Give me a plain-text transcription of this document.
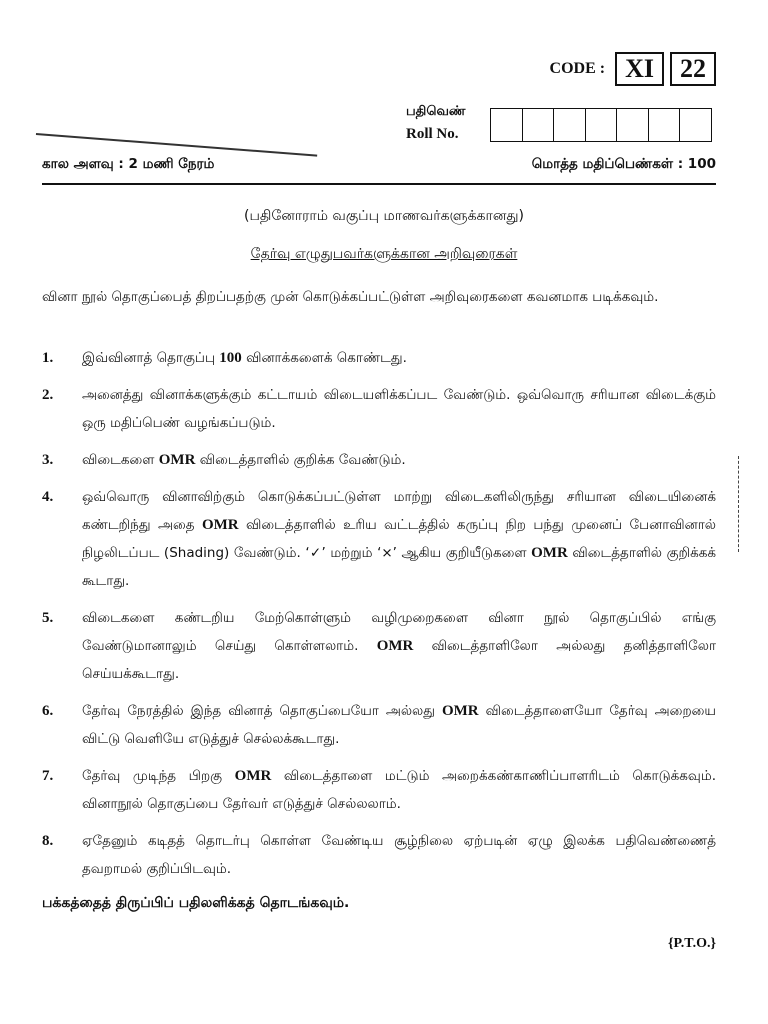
CODE : XI	22
பதிவெண்
Roll No.
கால அளவு : 2 மணி நேரம்	மொத்த மதிப்பெண்கள் : 100
(பதினோராம் வகுப்பு மாணவர்களுக்கானது)
தேர்வு எழுதுபவர்களுக்கான அறிவுரைகள்
வினா நூல் தொகுப்பைத் திறப்பதற்கு முன் கொடுக்கப்பட்டுள்ள அறிவுரைகளை கவனமாக படிக்கவும்.
1.	இவ்வினாத் தொகுப்பு 100 வினாக்களைக் கொண்டது.
2.	அனைத்து வினாக்களுக்கும் கட்டாயம் விடையளிக்கப்பட வேண்டும். ஒவ்வொரு சரியான விடைக்கும் ஒரு மதிப்பெண் வழங்கப்படும்.
3.	விடைகளை OMR விடைத்தாளில் குறிக்க வேண்டும்.
4.	ஒவ்வொரு வினாவிற்கும் கொடுக்கப்பட்டுள்ள மாற்று விடைகளிலிருந்து சரியான விடையினைக் கண்டறிந்து அதை OMR விடைத்தாளில் உரிய வட்டத்தில் கருப்பு நிற பந்து முனைப் பேனாவினால் நிழலிடப்பட (Shading) வேண்டும். ‘✓’ மற்றும் ‘×’ ஆகிய குறியீடுகளை OMR விடைத்தாளில் குறிக்கக் கூடாது.
5.	விடைகளை கண்டறிய மேற்கொள்ளும் வழிமுறைகளை வினா நூல் தொகுப்பில் எங்கு வேண்டுமானாலும் செய்து கொள்ளலாம். OMR விடைத்தாளிலோ அல்லது தனித்தாளிலோ செய்யக்கூடாது.
6.	தேர்வு நேரத்தில் இந்த வினாத் தொகுப்பையோ அல்லது OMR விடைத்தாளையோ தேர்வு அறையை விட்டு வெளியே எடுத்துச் செல்லக்கூடாது.
7.	தேர்வு முடிந்த பிறகு OMR விடைத்தாளை மட்டும் அறைக்கண்காணிப்பாளரிடம் கொடுக்கவும். வினாநூல் தொகுப்பை தேர்வர் எடுத்துச் செல்லலாம்.
8.	ஏதேனும் கடிதத் தொடர்பு கொள்ள வேண்டிய சூழ்நிலை ஏற்படின் ஏழு இலக்க பதிவெண்ணைத் தவறாமல் குறிப்பிடவும்.
பக்கத்தைத் திருப்பிப் பதிலளிக்கத் தொடங்கவும்.
{P.T.O.}
